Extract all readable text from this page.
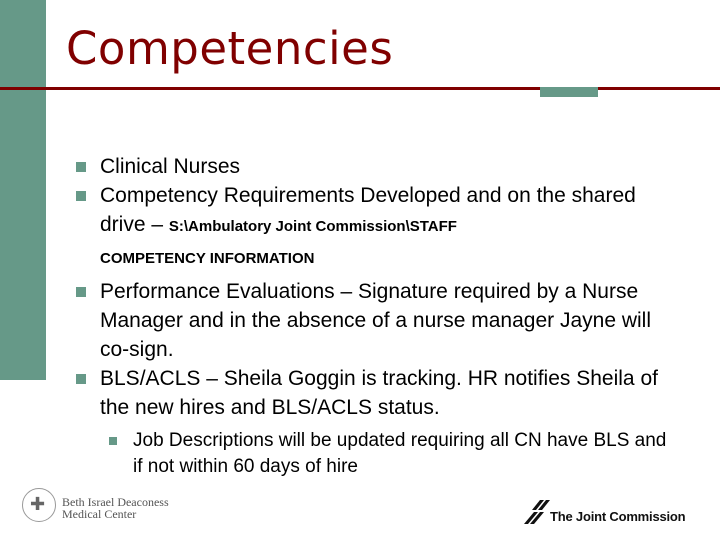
Competencies
Clinical Nurses
Competency Requirements Developed and on the shared drive – S:\Ambulatory Joint Commission\STAFF
COMPETENCY INFORMATION
Performance Evaluations – Signature required by a Nurse Manager and in the absence of a nurse manager Jayne will co-sign.
BLS/ACLS – Sheila Goggin is tracking. HR notifies Sheila of the new hires and BLS/ACLS status.
Job Descriptions will be updated requiring all CN have BLS and if not within 60 days of hire
✚ Beth Israel Deaconess
Medical Center	The Joint Commission
